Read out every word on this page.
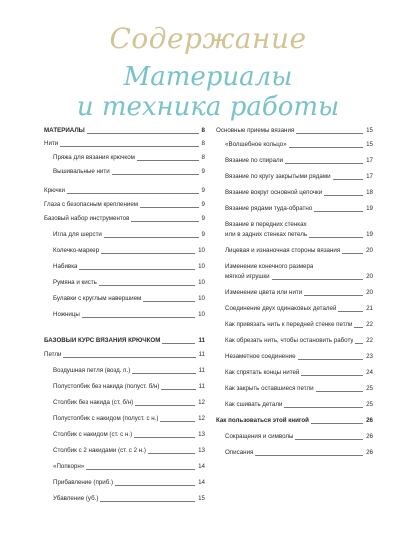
Содержание
Материалы
и техника работы
МАТЕРИАЛЫ	8
Нити	8
Пряжа для вязания крючком	8
Вышивальные нити	9
Крючки	9
Глаза с безопасным креплением	9
Базовый набор инструментов	9
Игла для шерсти	9
Колечко-маркер	10
Набивка	10
Румяна и кисть	10
Булавки с круглым навершием	10
Ножницы	10
БАЗОВЫЙ КУРС ВЯЗАНИЯ КРЮЧКОМ	11
Петли	11
Воздушная петля (возд. п.)	11
Полустолбик без накида (полуст. б/н)	11
Столбик без накида (ст. б/н)	12
Полустолбик с накидом (полуст. с н.)	12
Столбик с накидом (ст. с н.)	13
Столбик с 2 накидами (ст. с 2 н.)	13
«Попкорн»	14
Прибавление (приб.)	14
Убавление (уб.)	15
Основные приемы вязания	15
«Волшебное кольцо»	15
Вязание по спирали	17
Вязание по кругу закрытыми рядами	17
Вязание вокруг основной цепочки	18
Вязание рядами туда-обратно	19
Вязание в передних стенках
или в задних стенках петель	19
Лицевая и изнаночная стороны вязания	20
Изменение конечного размера
мягкой игрушки	20
Изменение цвета или нити	20
Соединение двух одинаковых деталей	21
Как привязать нить к передней стенке петли	22
Как обрезать нить, чтобы остановить работу	22
Незаметное соединение	23
Как спрятать концы нитей	24
Как закрыть оставшиеся петли	25
Как сшивать детали	25
Как пользоваться этой книгой	26
Сокращения и символы	26
Описания	26
